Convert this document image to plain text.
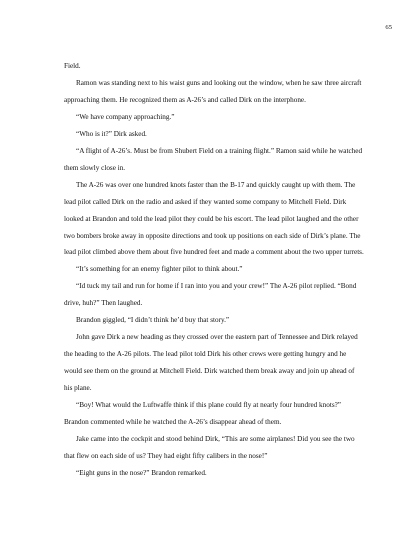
65

Field.

Ramon was standing next to his waist guns and looking out the window, when he saw three aircraft approaching them. He recognized them as A-26’s and called Dirk on the interphone.

“We have company approaching.”

“Who is it?” Dirk asked.

“A flight of A-26’s. Must be from Shubert Field on a training flight.” Ramon said while he watched them slowly close in.

The A-26 was over one hundred knots faster than the B-17 and quickly caught up with them. The lead pilot called Dirk on the radio and asked if they wanted some company to Mitchell Field. Dirk looked at Brandon and told the lead pilot they could be his escort. The lead pilot laughed and the other two bombers broke away in opposite directions and took up positions on each side of Dirk’s plane. The lead pilot climbed above them about five hundred feet and made a comment about the two upper turrets.

“It’s something for an enemy fighter pilot to think about.”

“Id tuck my tail and run for home if I ran into you and your crew!” The A-26 pilot replied. “Bond drive, huh?” Then laughed.

Brandon giggled, “I didn’t think he’d buy that story.”

John gave Dirk a new heading as they crossed over the eastern part of Tennessee and Dirk relayed the heading to the A-26 pilots. The lead pilot told Dirk his other crews were getting hungry and he would see them on the ground at Mitchell Field. Dirk watched them break away and join up ahead of his plane.

“Boy! What would the Luftwaffe think if this plane could fly at nearly four hundred knots?” Brandon commented while he watched the A-26’s disappear ahead of them.

Jake came into the cockpit and stood behind Dirk, “This are some airplanes! Did you see the two that flew on each side of us? They had eight fifty calibers in the nose!”

“Eight guns in the nose?” Brandon remarked.
